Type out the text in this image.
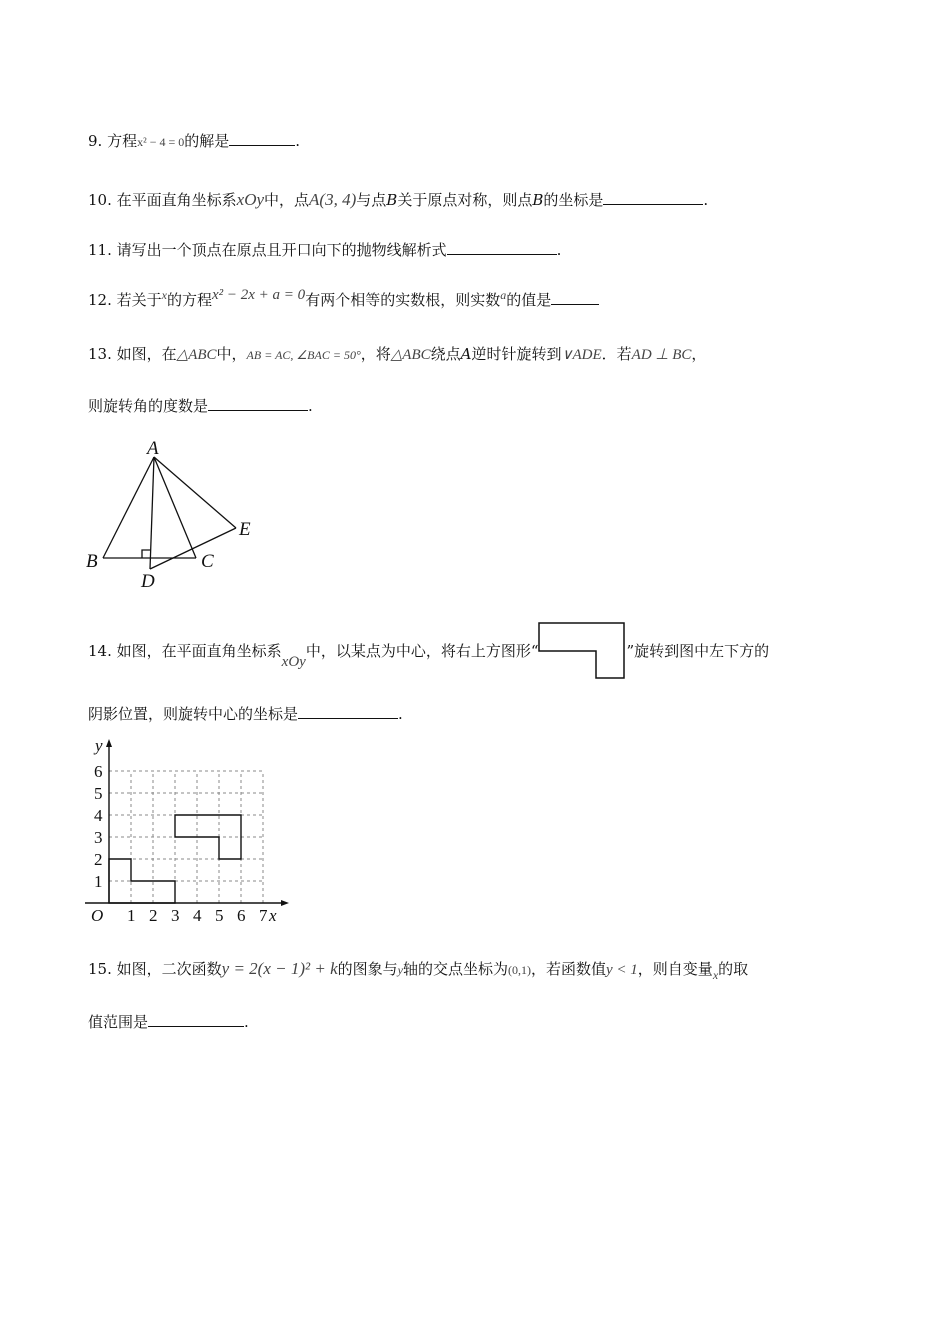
9. 方程x² − 4 = 0的解是	.
10. 在平面直角坐标系xOy中，点A(3, 4)与点B关于原点对称，则点B的坐标是	.
11. 请写出一个顶点在原点且开口向下的抛物线解析式	.
12. 若关于$^x$的方程x² − 2x + a = 0有两个相等的实数根，则实数$^a$的值是
13. 如图，在△ABC中，AB = AC, ∠BAC = 50°，将△ABC绕点A逆时针旋转到∨ADE．若AD ⊥ BC，
则旋转角的度数是	.
A
B	C
D
E
14. 如图，在平面直角坐标系xOy中，以某点为中心，将右上方图形“	”旋转到图中左下方的
阴影位置，则旋转中心的坐标是	.
1 2 3 4 5 6 7
1
2
3
4
5
6
O	x
y
15. 如图，二次函数y = 2(x − 1)² + k的图象与y轴的交点坐标为(0,1)，若函数值y < 1，则自变量$_x$的取
值范围是	.
